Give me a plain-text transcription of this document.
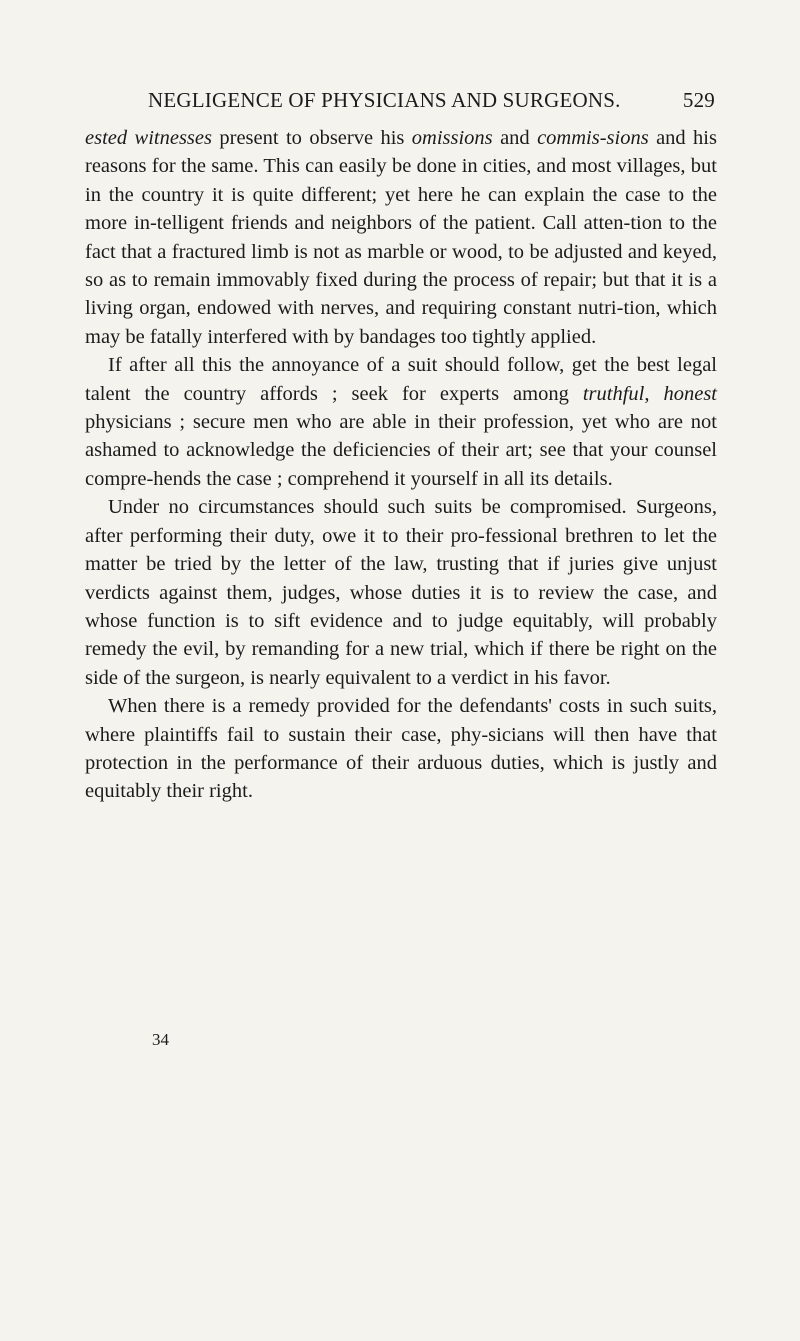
NEGLIGENCE OF PHYSICIANS AND SURGEONS.	529

ested witnesses present to observe his omissions and commis-sions and his reasons for the same. This can easily be done in cities, and most villages, but in the country it is quite different; yet here he can explain the case to the more in-telligent friends and neighbors of the patient. Call atten-tion to the fact that a fractured limb is not as marble or wood, to be adjusted and keyed, so as to remain immovably fixed during the process of repair; but that it is a living organ, endowed with nerves, and requiring constant nutri-tion, which may be fatally interfered with by bandages too tightly applied.

If after all this the annoyance of a suit should follow, get the best legal talent the country affords ; seek for experts among truthful, honest physicians ; secure men who are able in their profession, yet who are not ashamed to acknowledge the deficiencies of their art; see that your counsel compre-hends the case ; comprehend it yourself in all its details.

Under no circumstances should such suits be compromised. Surgeons, after performing their duty, owe it to their pro-fessional brethren to let the matter be tried by the letter of the law, trusting that if juries give unjust verdicts against them, judges, whose duties it is to review the case, and whose function is to sift evidence and to judge equitably, will probably remedy the evil, by remanding for a new trial, which if there be right on the side of the surgeon, is nearly equivalent to a verdict in his favor.

When there is a remedy provided for the defendants' costs in such suits, where plaintiffs fail to sustain their case, phy-sicians will then have that protection in the performance of their arduous duties, which is justly and equitably their right.

34
